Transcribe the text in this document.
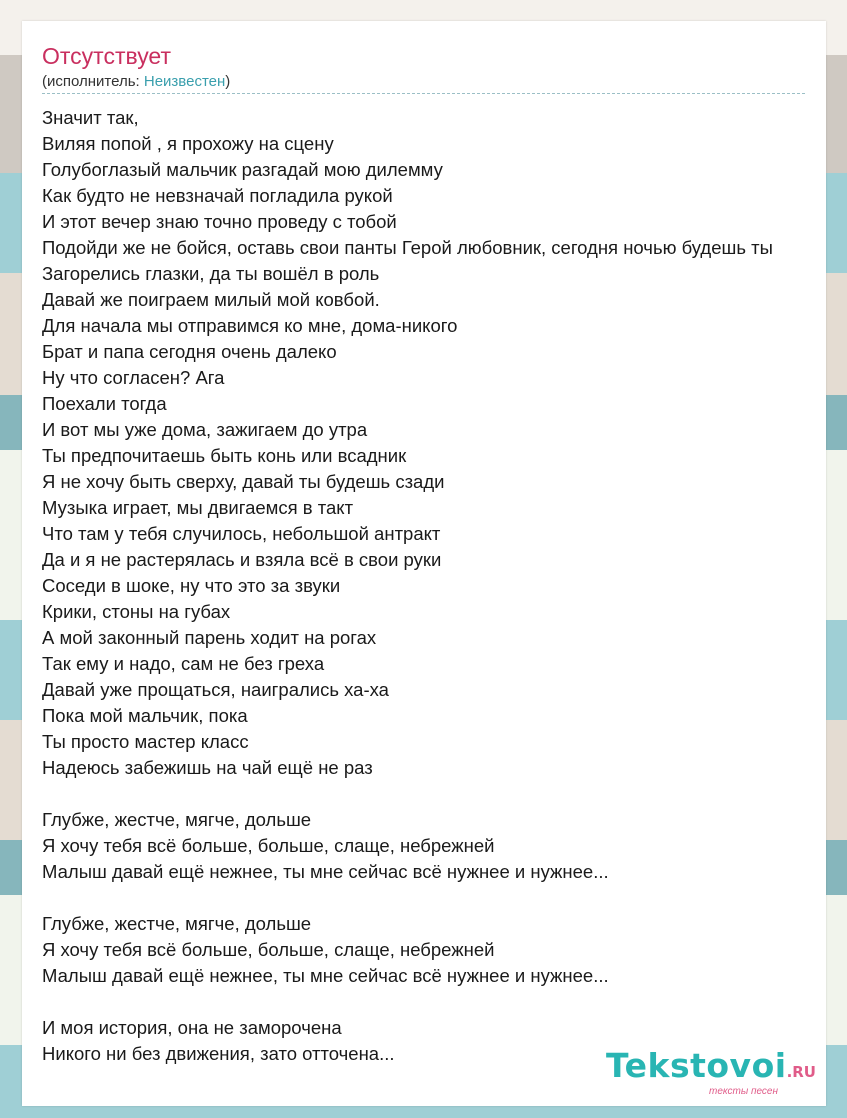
Отсутствует
(исполнитель: Неизвестен)
Значит так,
Виляя попой , я прохожу на сцену
Голубоглазый мальчик разгадай мою дилемму
Как будто не невзначай погладила рукой
И этот вечер знаю точно проведу с тобой
Подойди же не бойся, оставь свои панты Герой любовник, сегодня ночью будешь ты
Загорелись глазки, да ты вошёл в роль
Давай же поиграем милый мой ковбой.
Для начала мы отправимся ко мне, дома-никого
Брат и папа сегодня очень далеко
Ну что согласен? Ага
Поехали тогда
И вот мы уже дома, зажигаем до утра
Ты предпочитаешь быть конь или всадник
Я не хочу быть сверху, давай ты будешь сзади
Музыка играет, мы двигаемся в такт
Что там у тебя случилось, небольшой антракт
Да и я не растерялась и взяла всё в свои руки
Соседи в шоке, ну что это за звуки
Крики, стоны на губах
А мой законный парень ходит на рогах
Так ему и надо, сам не без греха
Давай уже прощаться, наигрались ха-ха
Пока мой мальчик, пока
Ты просто мастер класс
Надеюсь забежишь на чай ещё не раз
Глубже, жестче, мягче, дольше
Я хочу тебя всё больше, больше, слаще, небрежней
Малыш давай ещё нежнее, ты мне сейчас всё нужнее и нужнее...
Глубже, жестче, мягче, дольше
Я хочу тебя всё больше, больше, слаще, небрежней
Малыш давай ещё нежнее, ты мне сейчас всё нужнее и нужнее...
И моя история, она не заморочена
Никого ни без движения, зато отточена...	Tekstovoi.RU
тексты песен
